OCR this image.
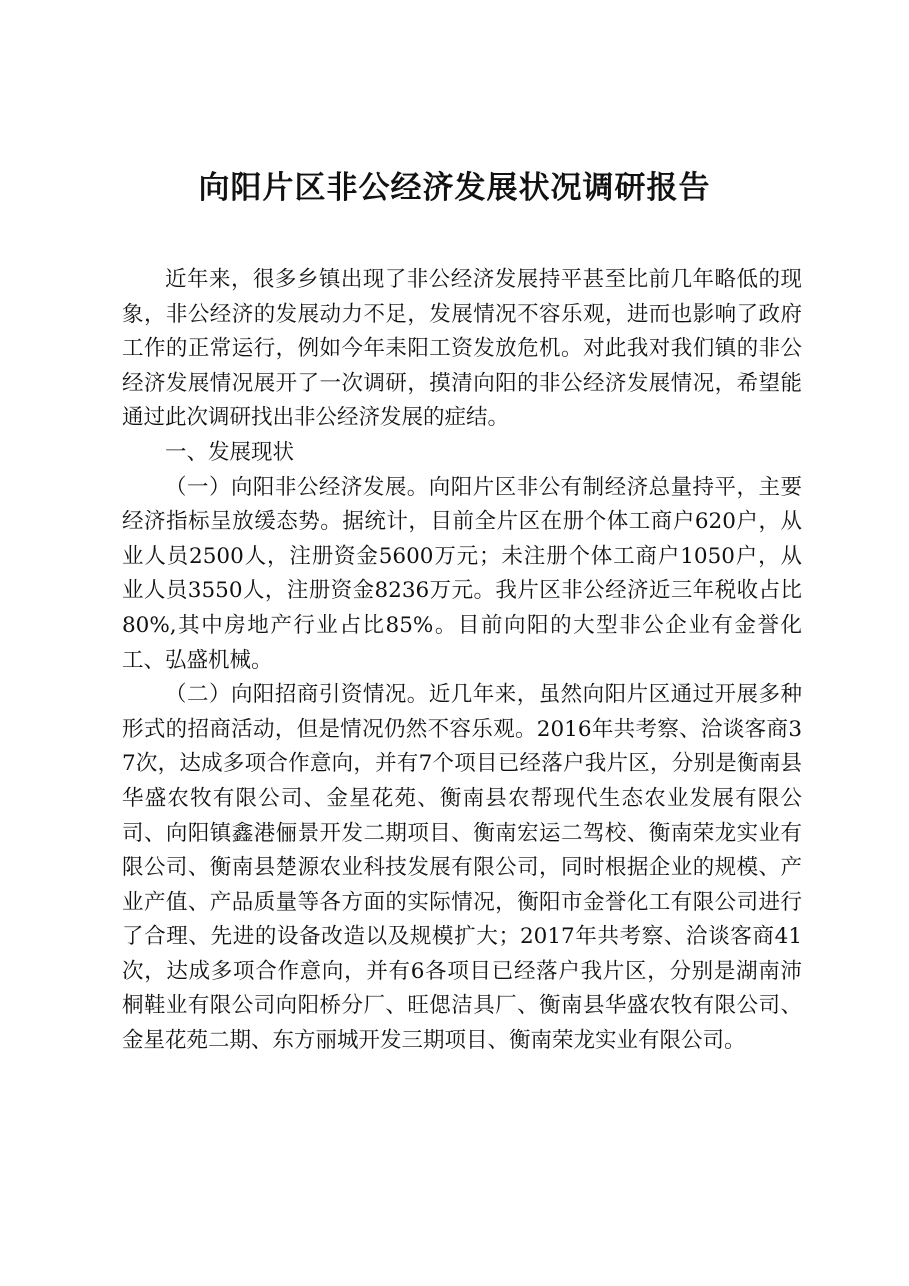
向阳片区非公经济发展状况调研报告

近年来，很多乡镇出现了非公经济发展持平甚至比前几年略低的现象，非公经济的发展动力不足，发展情况不容乐观，进而也影响了政府工作的正常运行，例如今年耒阳工资发放危机。对此我对我们镇的非公经济发展情况展开了一次调研，摸清向阳的非公经济发展情况，希望能通过此次调研找出非公经济发展的症结。

一、发展现状

（一）向阳非公经济发展。向阳片区非公有制经济总量持平，主要经济指标呈放缓态势。据统计，目前全片区在册个体工商户620户，从业人员2500人，注册资金5600万元；未注册个体工商户1050户，从业人员3550人，注册资金8236万元。我片区非公经济近三年税收占比80%,其中房地产行业占比85%。目前向阳的大型非公企业有金誉化工、弘盛机械。

（二）向阳招商引资情况。近几年来，虽然向阳片区通过开展多种形式的招商活动，但是情况仍然不容乐观。2016年共考察、洽谈客商37次，达成多项合作意向，并有7个项目已经落户我片区，分别是衡南县华盛农牧有限公司、金星花苑、衡南县农帮现代生态农业发展有限公司、向阳镇鑫港俪景开发二期项目、衡南宏运二驾校、衡南荣龙实业有限公司、衡南县楚源农业科技发展有限公司，同时根据企业的规模、产业产值、产品质量等各方面的实际情况，衡阳市金誉化工有限公司进行了合理、先进的设备改造以及规模扩大；2017年共考察、洽谈客商41次，达成多项合作意向，并有6各项目已经落户我片区，分别是湖南沛桐鞋业有限公司向阳桥分厂、旺偲洁具厂、衡南县华盛农牧有限公司、金星花苑二期、东方丽城开发三期项目、衡南荣龙实业有限公司。
